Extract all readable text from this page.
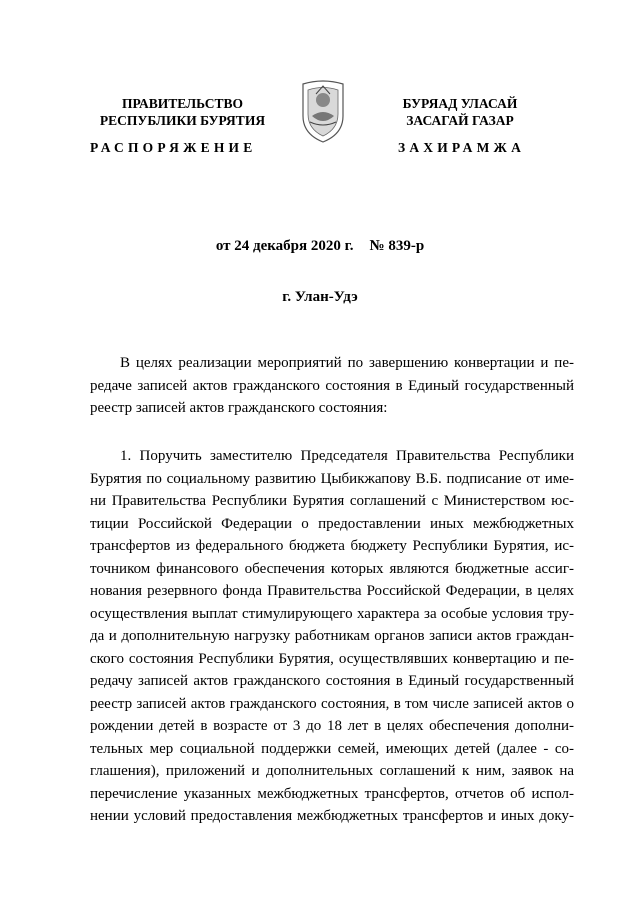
ПРАВИТЕЛЬСТВО
РЕСПУБЛИКИ БУРЯТИЯ
БУРЯАД УЛАСАЙ
ЗАСАГАЙ ГАЗАР
РАСПОРЯЖЕНИЕ	ЗАХИРАМЖА
от 24 декабря 2020 г. № 839-р
г. Улан-Удэ
В целях реализации мероприятий по завершению конвертации и пе-
редаче записей актов гражданского состояния в Единый государственный
реестр записей актов гражданского состояния:
1. Поручить заместителю Председателя Правительства Республики
Бурятия по социальному развитию Цыбикжапову В.Б. подписание от име-
ни Правительства Республики Бурятия соглашений с Министерством юс-
тиции Российской Федерации о предоставлении иных межбюджетных
трансфертов из федерального бюджета бюджету Республики Бурятия, ис-
точником финансового обеспечения которых являются бюджетные ассиг-
нования резервного фонда Правительства Российской Федерации, в целях
осуществления выплат стимулирующего характера за особые условия тру-
да и дополнительную нагрузку работникам органов записи актов граждан-
ского состояния Республики Бурятия, осуществлявших конвертацию и пе-
редачу записей актов гражданского состояния в Единый государственный
реестр записей актов гражданского состояния, в том числе записей актов о
рождении детей в возрасте от 3 до 18 лет в целях обеспечения дополни-
тельных мер социальной поддержки семей, имеющих детей (далее - со-
глашения), приложений и дополнительных соглашений к ним, заявок на
перечисление указанных межбюджетных трансфертов, отчетов об испол-
нении условий предоставления межбюджетных трансфертов и иных доку-
